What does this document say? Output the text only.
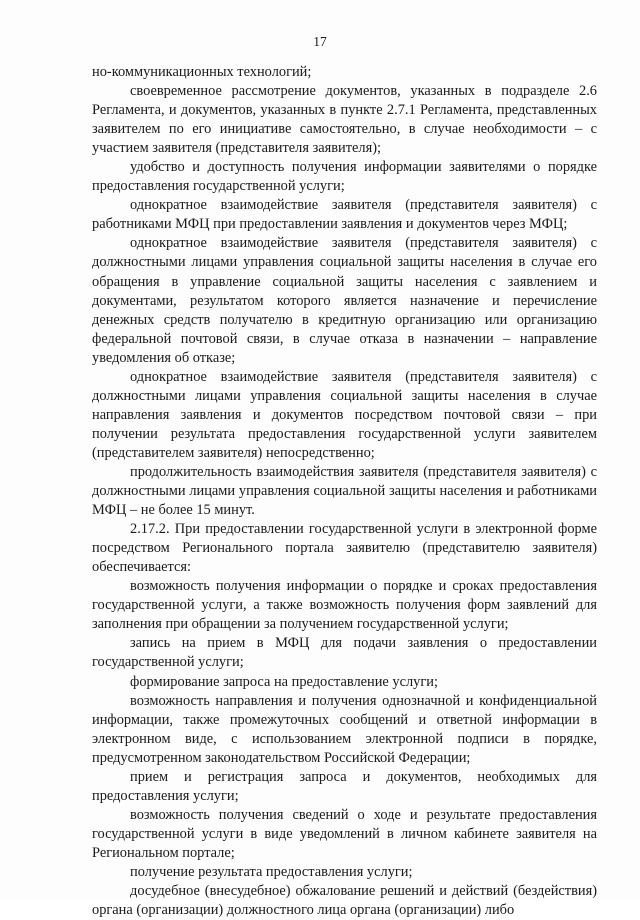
17

но-коммуникационных технологий;

своевременное рассмотрение документов, указанных в подразделе 2.6 Регламента, и документов, указанных в пункте 2.7.1 Регламента, представленных заявителем по его инициативе самостоятельно, в случае необходимости – с участием заявителя (представителя заявителя);

удобство и доступность получения информации заявителями о порядке предоставления государственной услуги;

однократное взаимодействие заявителя (представителя заявителя) с работниками МФЦ при предоставлении заявления и документов через МФЦ;

однократное взаимодействие заявителя (представителя заявителя) с должностными лицами управления социальной защиты населения в случае его обращения в управление социальной защиты населения с заявлением и документами, результатом которого является назначение и перечисление денежных средств получателю в кредитную организацию или организацию федеральной почтовой связи, в случае отказа в назначении – направление уведомления об отказе;

однократное взаимодействие заявителя (представителя заявителя) с должностными лицами управления социальной защиты населения в случае направления заявления и документов посредством почтовой связи – при получении результата предоставления государственной услуги заявителем (представителем заявителя) непосредственно;

продолжительность взаимодействия заявителя (представителя заявителя) с должностными лицами управления социальной защиты населения и работниками МФЦ – не более 15 минут.

2.17.2. При предоставлении государственной услуги в электронной форме посредством Регионального портала заявителю (представителю заявителя) обеспечивается:

возможность получения информации о порядке и сроках предоставления государственной услуги, а также возможность получения форм заявлений для заполнения при обращении за получением государственной услуги;

запись на прием в МФЦ для подачи заявления о предоставлении государственной услуги;

формирование запроса на предоставление услуги;

возможность направления и получения однозначной и конфиденциальной информации, также промежуточных сообщений и ответной информации в электронном виде, с использованием электронной подписи в порядке, предусмотренном законодательством Российской Федерации;

прием и регистрация запроса и документов, необходимых для предоставления услуги;

возможность получения сведений о ходе и результате предоставления государственной услуги в виде уведомлений в личном кабинете заявителя на Региональном портале;

получение результата предоставления услуги;

досудебное (внесудебное) обжалование решений и действий (бездействия) органа (организации) должностного лица органа (организации) либо
